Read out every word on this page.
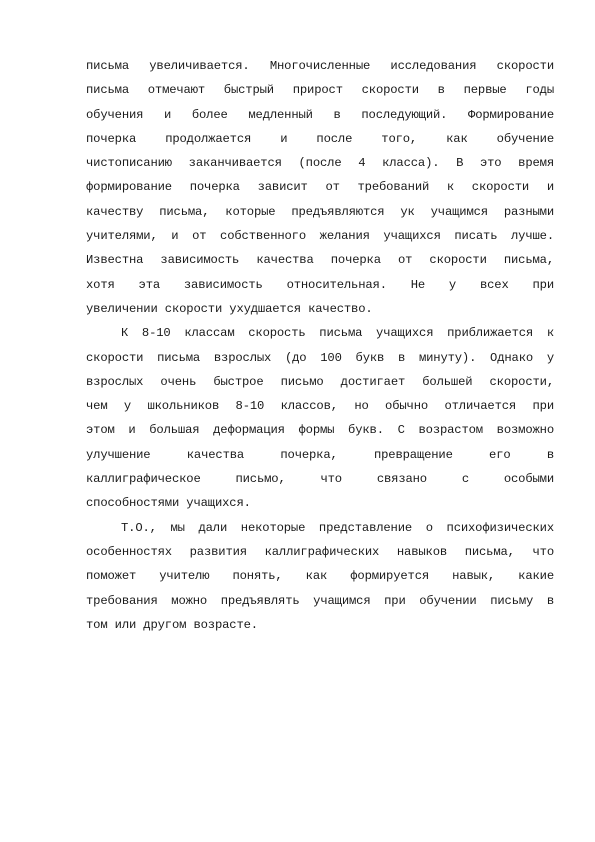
письма увеличивается. Многочисленные исследования скорости
письма отмечают быстрый прирост скорости в первые годы
обучения и более медленный в последующий. Формирование
почерка продолжается и после того, как обучение
чистописанию заканчивается (после 4 класса). В это время
формирование почерка зависит от требований к скорости и
качеству письма, которые предъявляются ук учащимся разными
учителями, и от собственного желания учащихся писать лучше.
Известна зависимость качества почерка от скорости письма,
хотя эта зависимость относительная. Не у всех при
увеличении скорости ухудшается качество.

К 8-10 классам скорость письма учащихся приближается к
скорости письма взрослых (до 100 букв в минуту). Однако у
взрослых очень быстрое письмо достигает большей скорости,
чем у школьников 8-10 классов, но обычно отличается при
этом и большая деформация формы букв. С возрастом возможно
улучшение качества почерка, превращение его в
каллиграфическое письмо, что связано с особыми
способностями учащихся.

Т.О., мы дали некоторые представление о психофизических
особенностях развития каллиграфических навыков письма, что
поможет учителю понять, как формируется навык, какие
требования можно предъявлять учащимся при обучении письму в
том или другом возрасте.
